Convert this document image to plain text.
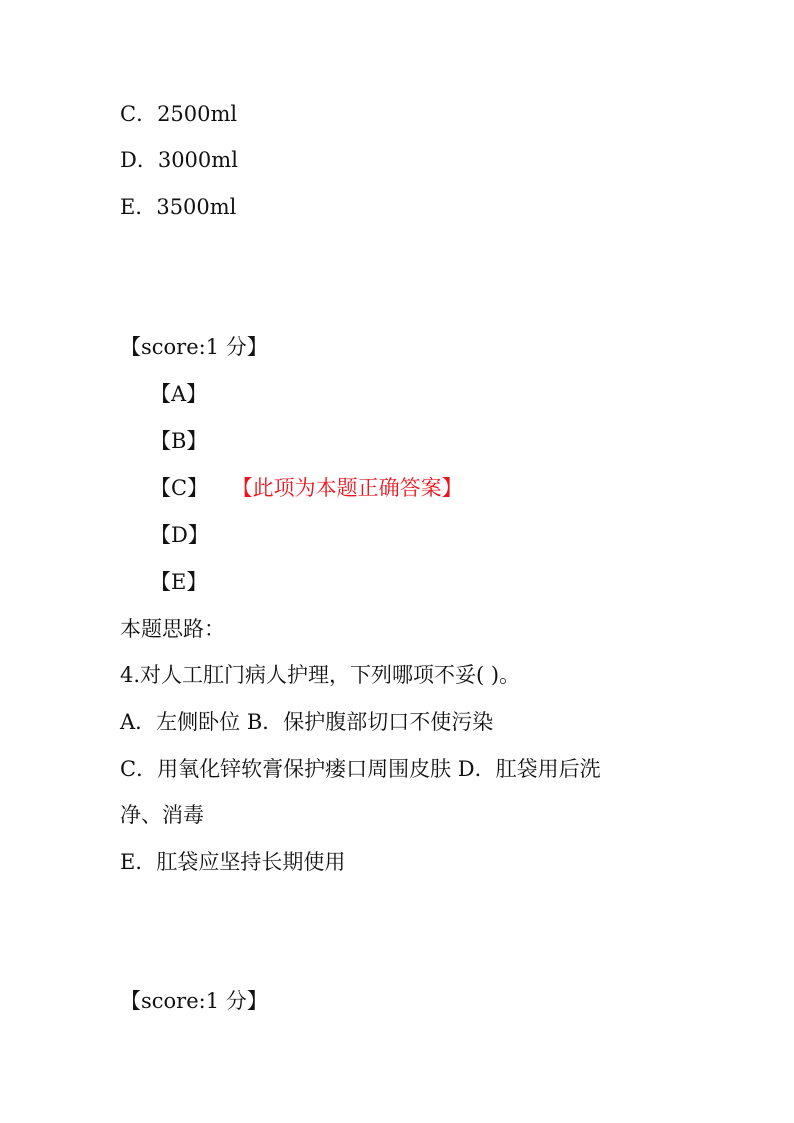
C．2500ml
D．3000ml
E．3500ml
【score:1 分】
【A】
【B】
【C】 【此项为本题正确答案】
【D】
【E】
本题思路：
4.对人工肛门病人护理，下列哪项不妥( )。
A．左侧卧位 B．保护腹部切口不使污染
C．用氧化锌软膏保护瘘口周围皮肤 D．肛袋用后洗
净、消毒
E．肛袋应坚持长期使用
【score:1 分】
